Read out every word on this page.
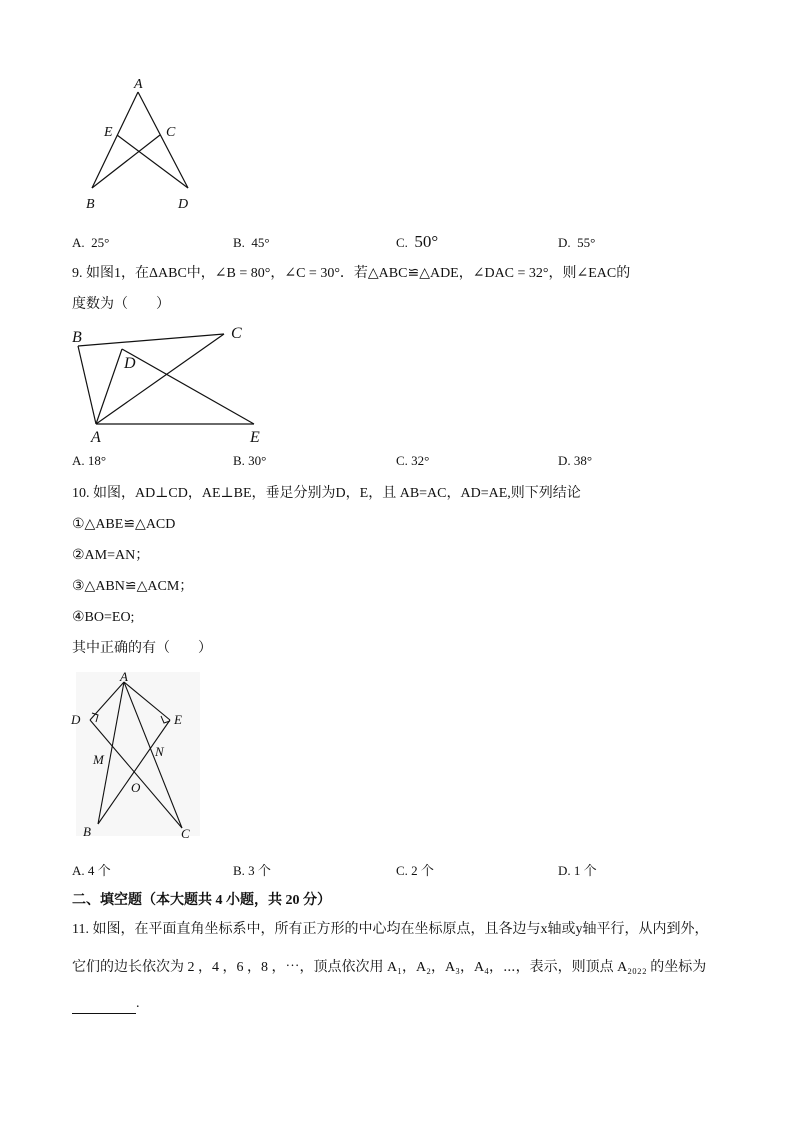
A
E	C
B	D
A. 25°	B. 45°	C. 50°	D. 55°
9. 如图1，在ΔABC中，∠B = 80°，∠C = 30°．若△ABC≌△ADE，∠DAC = 32°，则∠EAC的
度数为（　　）
B	C
D
A	E
A. 18°	B. 30°	C. 32°	D. 38°
10. 如图，AD⊥CD，AE⊥BE，垂足分别为D，E，且 AB=AC，AD=AE,则下列结论
①△ABE≌△ACD
②AM=AN；
③△ABN≌△ACM；
④BO=EO;
其中正确的有（　　）
A
D	E
M
N
O
B	C
A. 4 个	B. 3 个	C. 2 个	D. 1 个
二、填空题（本大题共 4 小题，共 20 分）
11. 如图，在平面直角坐标系中，所有正方形的中心均在坐标原点，且各边与x轴或y轴平行，从内到外，
它们的边长依次为 2 ，4 ，6 ，8 ，⋯，顶点依次用 A₁，A₂，A₃，A₄，⋯，表示，则顶点 A₂₀₂₂ 的坐标为
.
